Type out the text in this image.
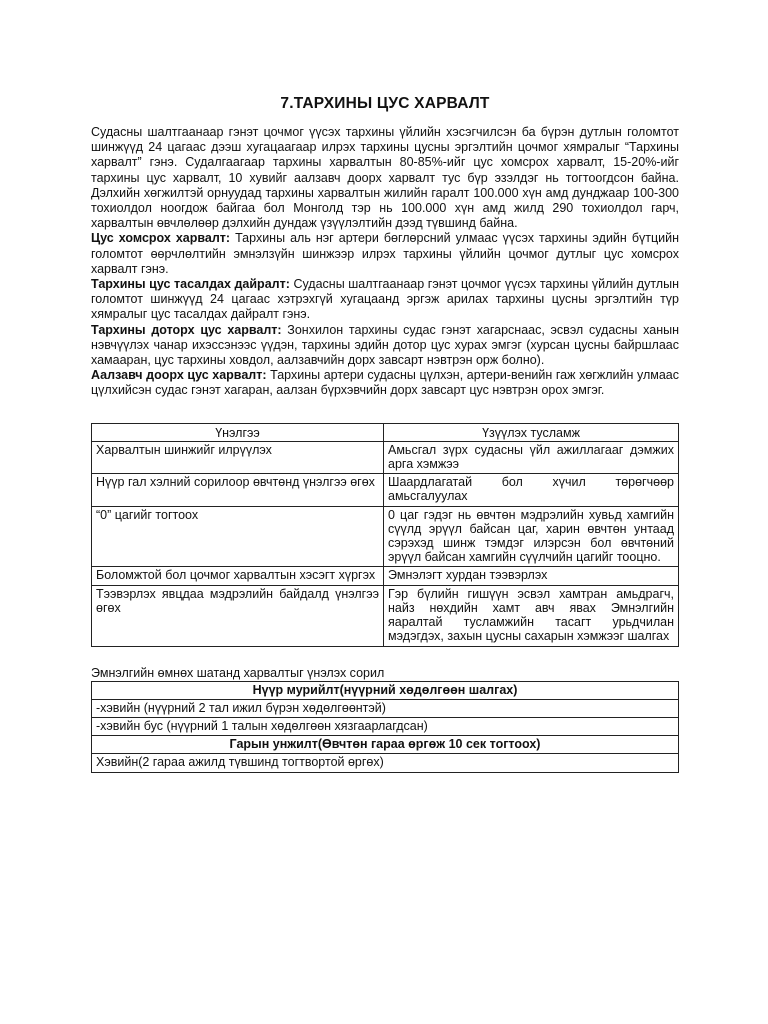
7.ТАРХИНЫ ЦУС ХАРВАЛТ

Судасны шалтгаанаар гэнэт цочмог үүсэх тархины үйлийн хэсэгчилсэн ба бүрэн дутлын голомтот шинжүүд 24 цагаас дээш хугацаагаар илрэх тархины цусны эргэлтийн цочмог хямралыг “Тархины харвалт” гэнэ. Судалгаагаар тархины харвалтын 80-85%-ийг цус хомсрох харвалт, 15-20%-ийг тархины цус харвалт, 10 хувийг аалзавч доорх харвалт тус бүр эзэлдэг нь тогтоогдсон байна. Дэлхийн хөгжилтэй орнуудад тархины харвалтын жилийн гаралт 100.000 хүн амд дунджаар 100-300 тохиолдол ноогдож байгаа бол Монголд тэр нь 100.000 хүн амд жилд 290 тохиолдол гарч, харвалтын өвчлөлөөр дэлхийн дундаж үзүүлэлтийн дээд түвшинд байна.

Цус хомсрох харвалт: Тархины аль нэг артери бөглөрсний улмаас үүсэх тархины эдийн бүтцийн голомтот өөрчлөлтийн эмнэлзүйн шинжээр илрэх тархины үйлийн цочмог дутлыг цус хомсрох харвалт гэнэ.

Тархины цус тасалдах дайралт: Судасны шалтгаанаар гэнэт цочмог үүсэх тархины үйлийн дутлын голомтот шинжүүд 24 цагаас хэтрэхгүй хугацаанд эргэж арилах тархины цусны эргэлтийн түр хямралыг цус тасалдах дайралт гэнэ.

Тархины доторх цус харвалт: Зонхилон тархины судас гэнэт хагарснаас, эсвэл судасны ханын нэвчүүлэх чанар ихэссэнээс үүдэн, тархины эдийн дотор цус хурах эмгэг (хурсан цусны байршлаас хамааран, цус тархины ховдол, аалзавчийн дорх завсарт нэвтрэн орж болно).

Аалзавч доорх цус харвалт: Тархины артери судасны цүлхэн, артери-венийн гаж хөгжлийн улмаас цүлхийсэн судас гэнэт хагаран, аалзан бүрхэвчийн дорх завсарт цус нэвтрэн орох эмгэг.

Үнэлгээ	Үзүүлэх тусламж
Харвалтын шинжийг илрүүлэх	Амьсгал зүрх судасны үйл ажиллагааг дэмжих арга хэмжээ
Нүүр гал хэлний сорилоор өвчтөнд үнэлгээ өгөх	Шаардлагатай бол хүчил төрөгчөөр амьсгалуулах
“0” цагийг тогтоох	0 цаг гэдэг нь өвчтөн мэдрэлийн хувьд хамгийн сүүлд эрүүл байсан цаг, харин өвчтөн унтаад сэрэхэд шинж тэмдэг илэрсэн бол өвчтөний эрүүл байсан хамгийн сүүлчийн цагийг тооцно.
Боломжтой бол цочмог харвалтын хэсэгт хүргэх	Эмнэлэгт хурдан тээвэрлэх
Тээвэрлэх явцдаа мэдрэлийн байдалд үнэлгээ өгөх	Гэр бүлийн гишүүн эсвэл хамтран амьдрагч, найз нөхдийн хамт авч явах Эмнэлгийн яаралтай тусламжийн тасагт урьдчилан мэдэгдэх, захын цусны сахарын хэмжээг шалгах
Эмнэлгийн өмнөх шатанд харвалтыг үнэлэх сорил
Нүүр мурийлт(нүүрний хөдөлгөөн шалгах)
-хэвийн (нүүрний 2 тал ижил бүрэн хөдөлгөөнтэй)
-хэвийн бус (нүүрний 1 талын хөдөлгөөн хязгаарлагдсан)
Гарын унжилт(Өвчтөн гараа өргөж 10 сек тогтоох)
Хэвийн(2 гараа ажилд түвшинд тогтвортой өргөх)
